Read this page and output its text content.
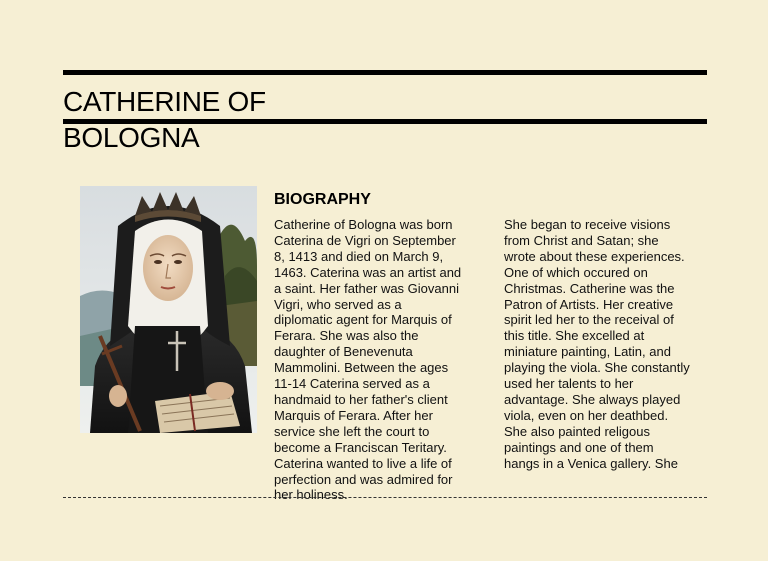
CATHERINE OF
BOLOGNA
BIOGRAPHY
Catherine of Bologna was born
Caterina de Vigri on September
8, 1413 and died on March 9,
1463. Caterina was an artist and
a saint. Her father was Giovanni
Vigri, who served as a
diplomatic agent for Marquis of
Ferara. She was also the
daughter of Benevenuta
Mammolini. Between the ages
11-14 Caterina served as a
handmaid to her father's client
Marquis of Ferara. After her
service she left the court to
become a Franciscan Teritary.
Caterina wanted to live a life of
perfection and was admired for
her holiness.
She began to receive visions
from Christ and Satan; she
wrote about these experiences.
One of which occured on
Christmas. Catherine was the
Patron of Artists. Her creative
spirit led her to the receival of
this title. She excelled at
miniature painting, Latin, and
playing the viola. She constantly
used her talents to her
advantage. She always played
viola, even on her deathbed.
She also painted religous
paintings and one of them
hangs in a Venica gallery. She
